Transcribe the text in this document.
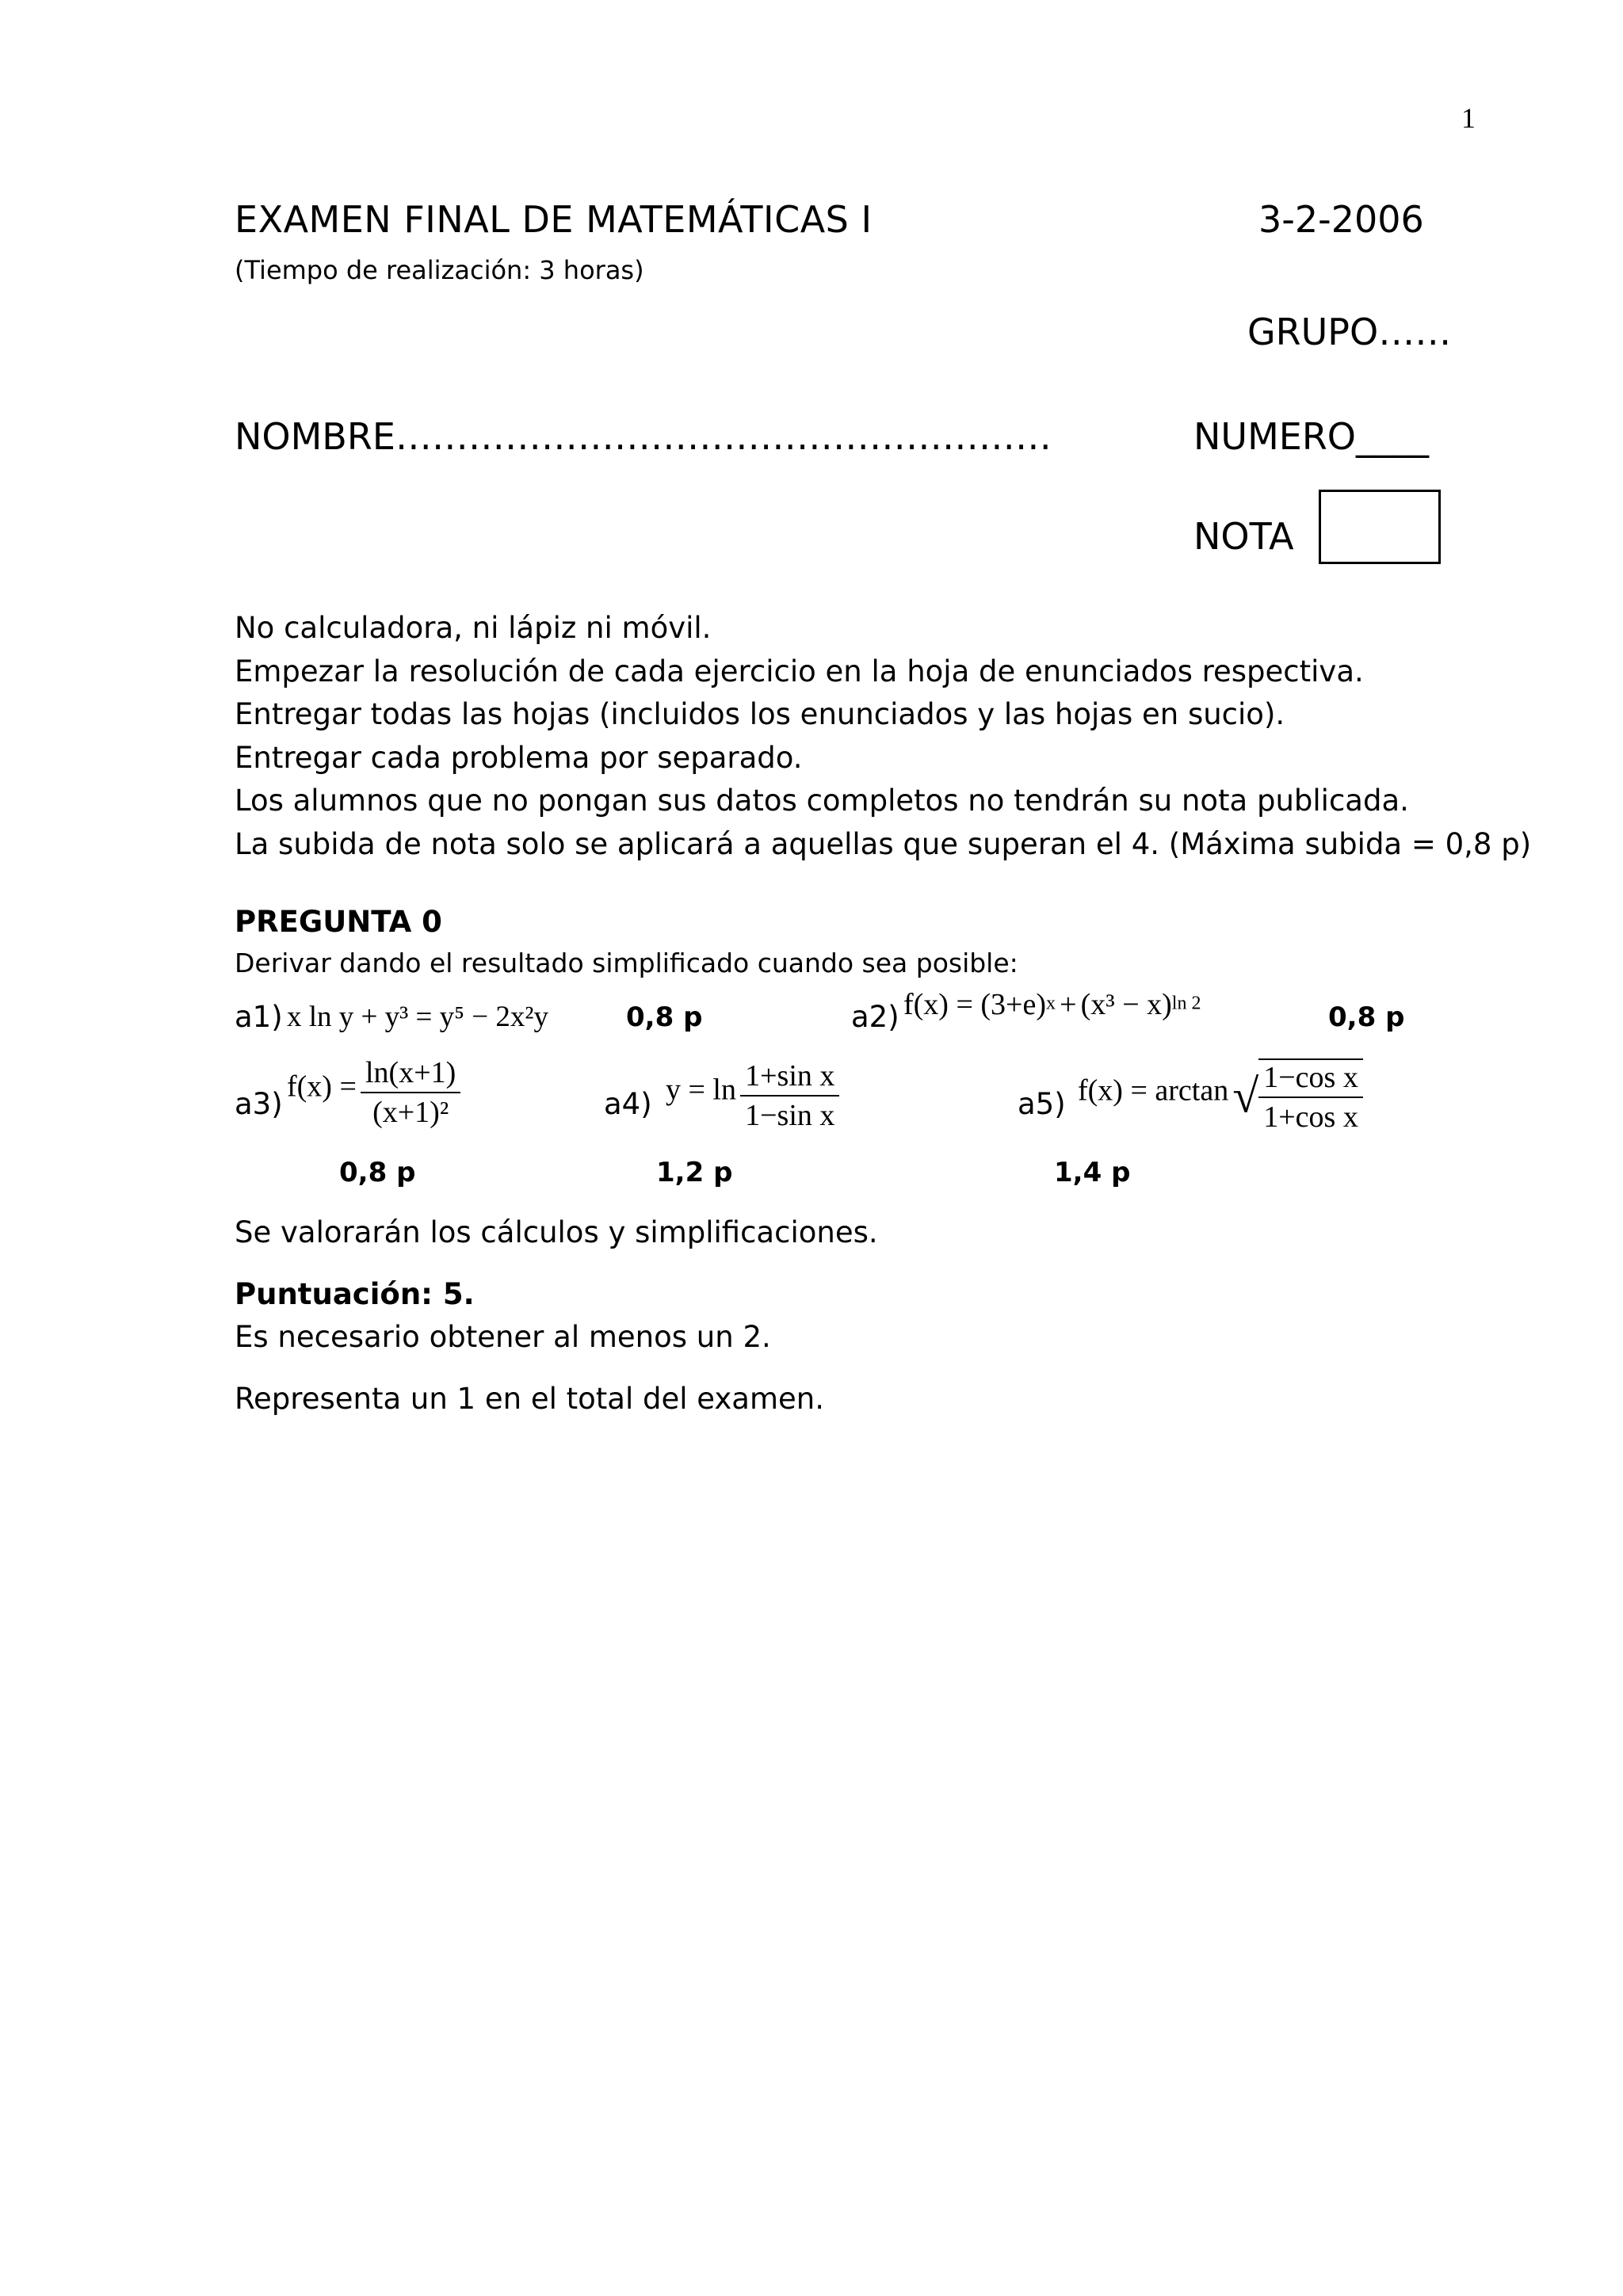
1
EXAMEN FINAL DE MATEMÁTICAS I	3-2-2006
(Tiempo de realización: 3 horas)
GRUPO……
NOMBRE………………………………………………	NUMERO____
NOTA
No calculadora, ni lápiz ni móvil.
Empezar la resolución de cada ejercicio en la hoja de enunciados respectiva.
Entregar todas las hojas (incluidos los enunciados y las hojas en sucio).
Entregar cada problema por separado.
Los alumnos que no pongan sus datos completos no tendrán su nota publicada.
La subida de nota solo se aplicará a aquellas que superan el 4. (Máxima subida = 0,8 p)
PREGUNTA 0
Derivar dando el resultado simplificado cuando sea posible:
a1) x ln y + y³ = y⁵ − 2x²y	0,8 p	a2) $f(x) = (3+e)^x + (x^3 - x)^{ln 2}$	0,8 p
a3)
$f(x) = \frac{\ln(x+1)}{\text{(x+1)²}}$
0,8 p
a4) $y = \ln \frac{\text{1+sin x}}{\text{1−sin x}}$
1,2 p
a5) f(x) = arctan √ $\frac{\text{1−cos x}}{\text{1+cos x}}$
1,4 p
Se valorarán los cálculos y simplificaciones.
Puntuación: 5.
Es necesario obtener al menos un 2.
Representa un 1 en el total del examen.
